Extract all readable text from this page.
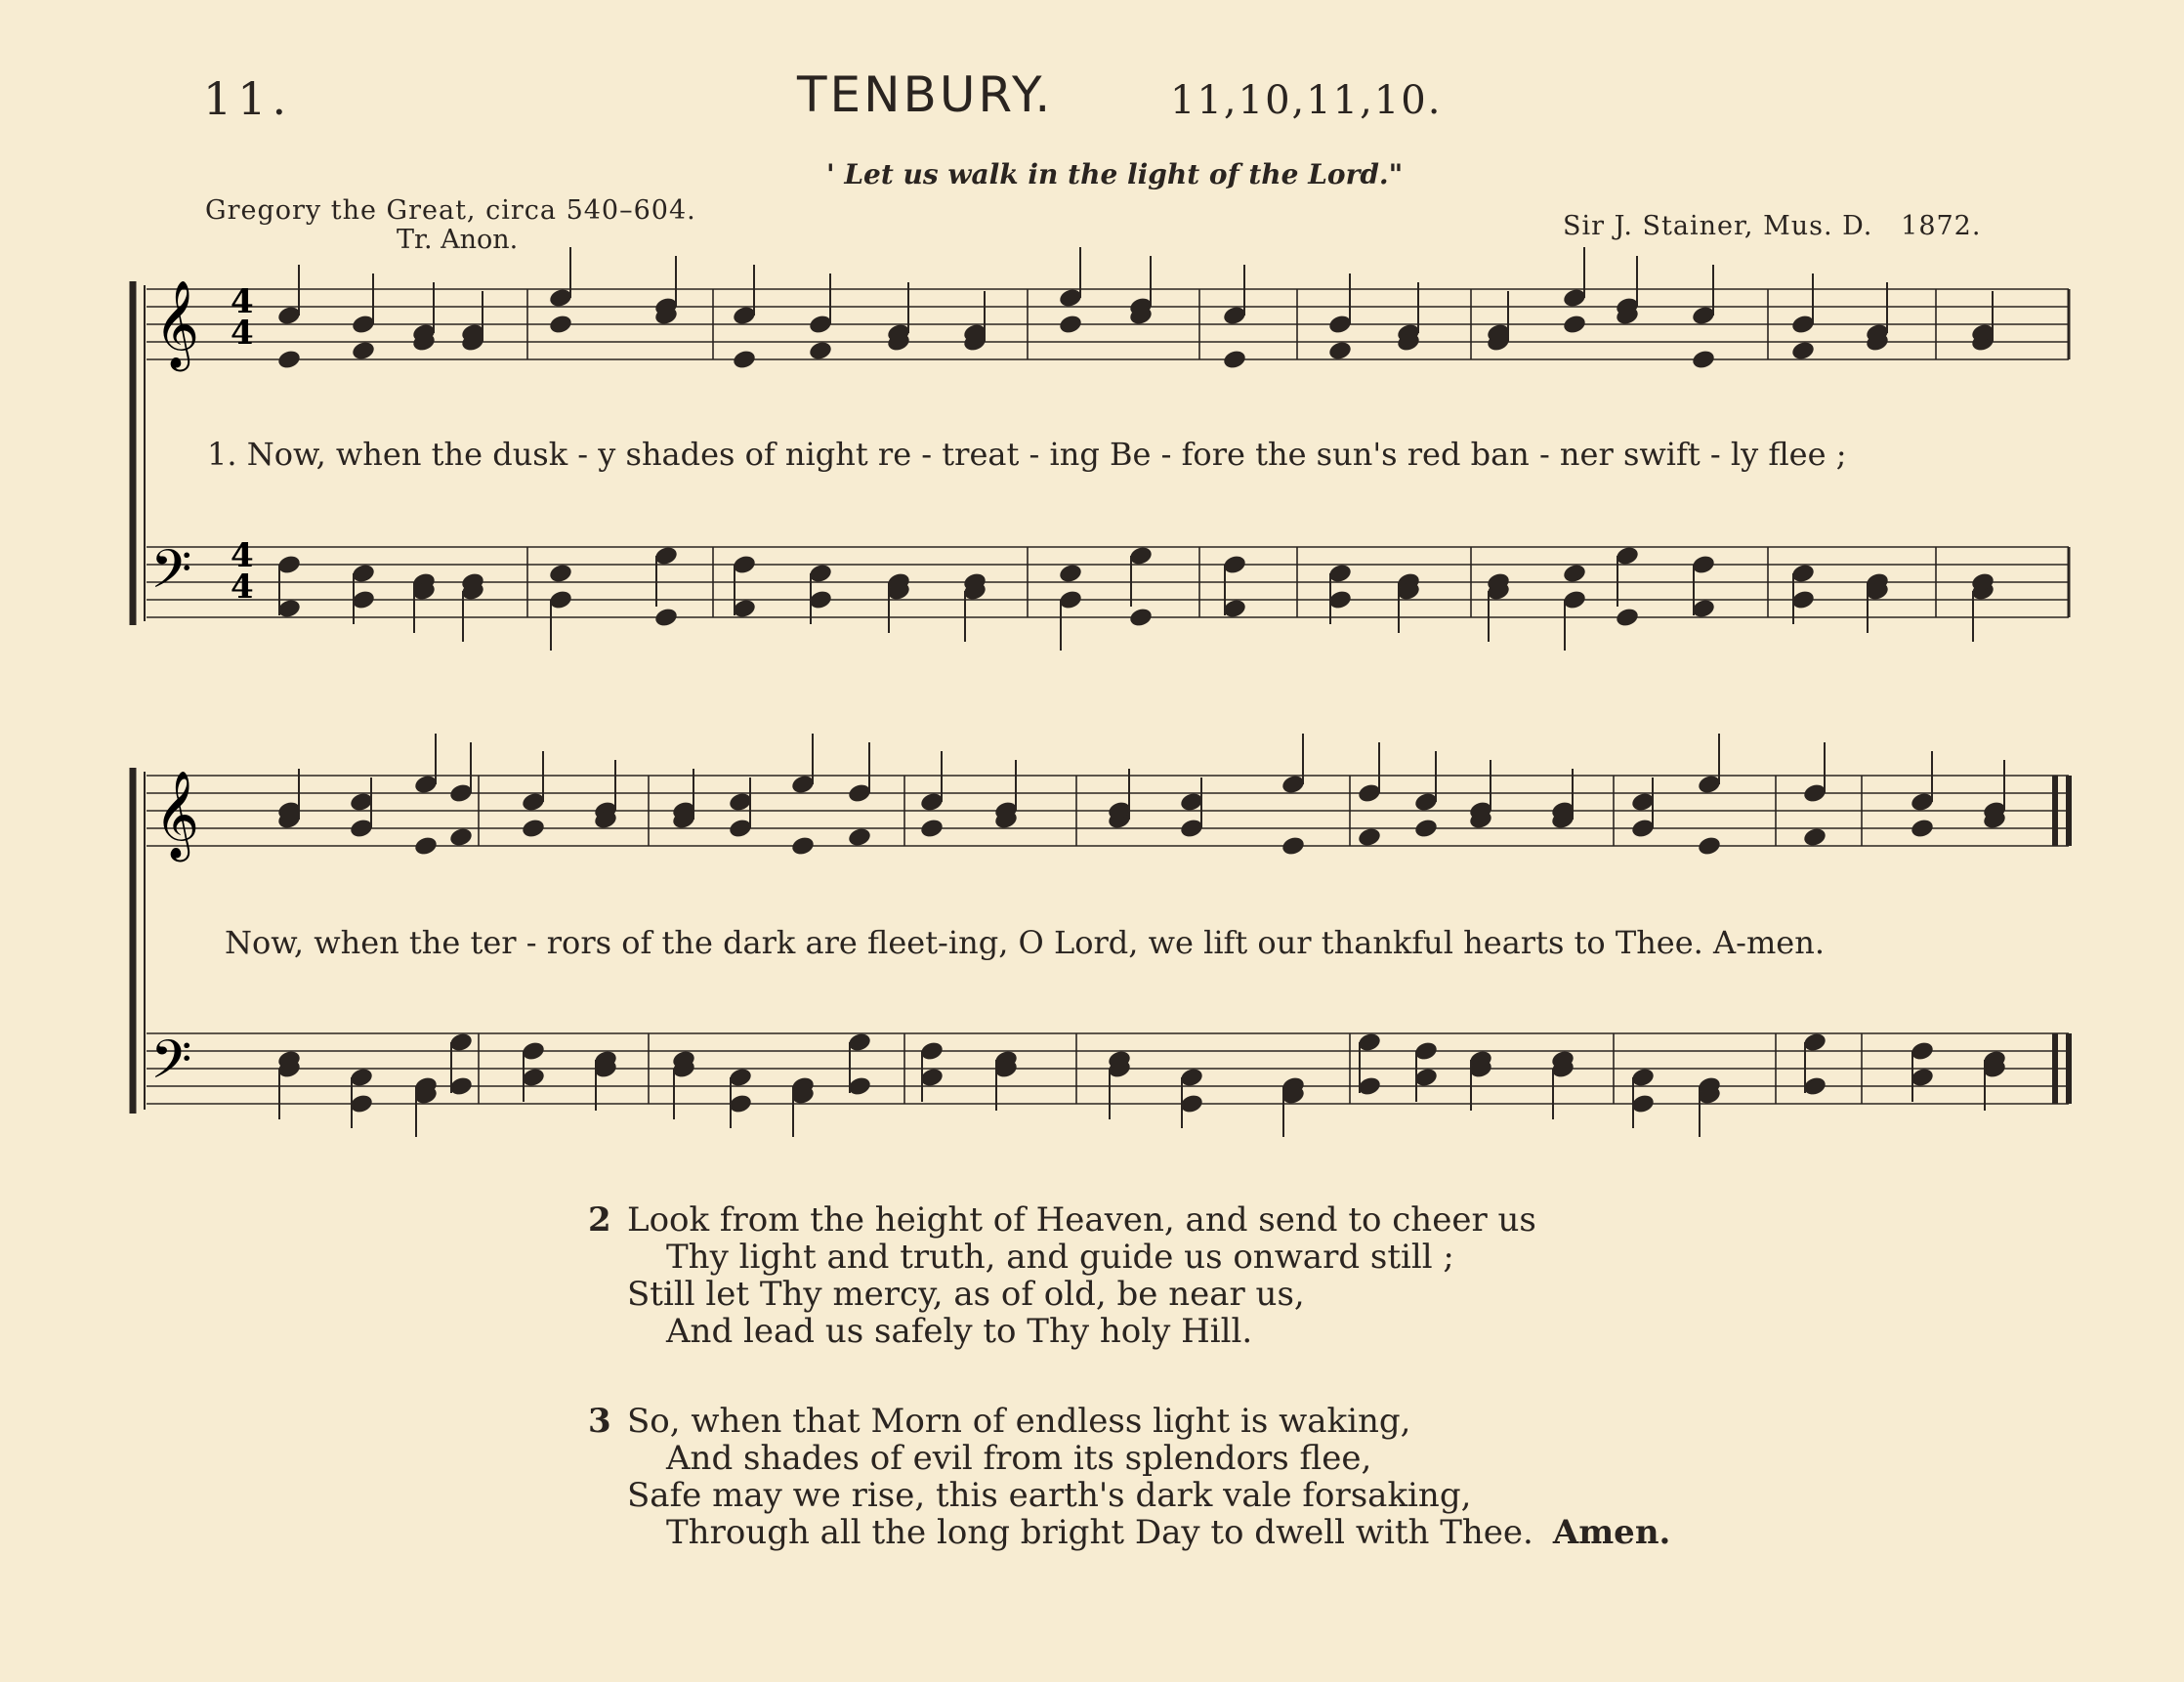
11.	TENBURY.	11,10,11,10.
' Let us walk in the light of the Lord."
Gregory the Great, circa 540–604.
Tr. Anon.	Sir J. Stainer, Mus. D. 1872.
𝄞
𝄢
4
4
4
4
𝄞
𝄢
1. Now, when the dusk - y shades of night re - treat - ing Be - fore the sun's red ban - ner swift - ly flee ;
Now, when the ter - rors of the dark are fleet-ing, O Lord, we lift our thankful hearts to Thee. A-men.
2 Look from the height of Heaven, and send to cheer us
Thy light and truth, and guide us onward still ;
Still let Thy mercy, as of old, be near us,
And lead us safely to Thy holy Hill.
3 So, when that Morn of endless light is waking,
And shades of evil from its splendors flee,
Safe may we rise, this earth's dark vale forsaking,
Through all the long bright Day to dwell with Thee. Amen.
